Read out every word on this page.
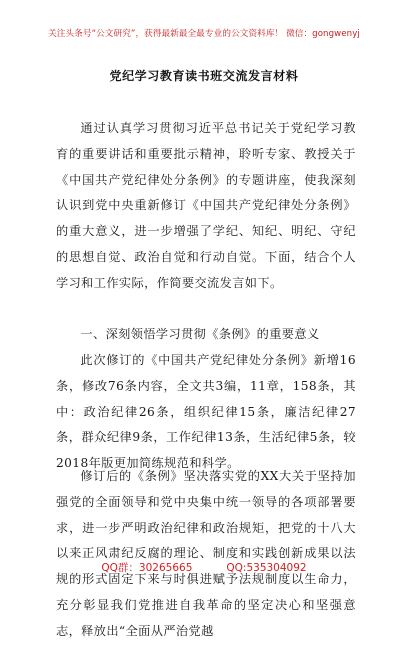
关注头条号“公文研究”，获得最新最全最专业的公文资料库！ 微信：gongwenyj
党纪学习教育读书班交流发言材料

通过认真学习贯彻习近平总书记关于党纪学习教育的重要讲话和重要批示精神，聆听专家、教授关于《中国共产党纪律处分条例》的专题讲座，使我深刻认识到党中央重新修订《中国共产党纪律处分条例》的重大意义，进一步增强了学纪、知纪、明纪、守纪的思想自觉、政治自觉和行动自觉。下面，结合个人学习和工作实际，作简要交流发言如下。

一、深刻领悟学习贯彻《条例》的重要意义

此次修订的《中国共产党纪律处分条例》新增16条，修改76条内容，全文共3编，11章，158条，其中：政治纪律26条，组织纪律15条，廉洁纪律27条，群众纪律9条，工作纪律13条，生活纪律5条，较2018年版更加简练规范和科学。

修订后的《条例》坚决落实党的XX大关于坚持加强党的全面领导和党中央集中统一领导的各项部署要求，进一步严明政治纪律和政治规矩，把党的十八大以来正风肃纪反腐的理论、制度和实践创新成果以法规的形式固定下来与时俱进赋予法规制度以生命力，充分彰显我们党推进自我革命的坚定决心和坚强意志，释放出“全面从严治党越

QQ群：30265665	QQ:535304092
